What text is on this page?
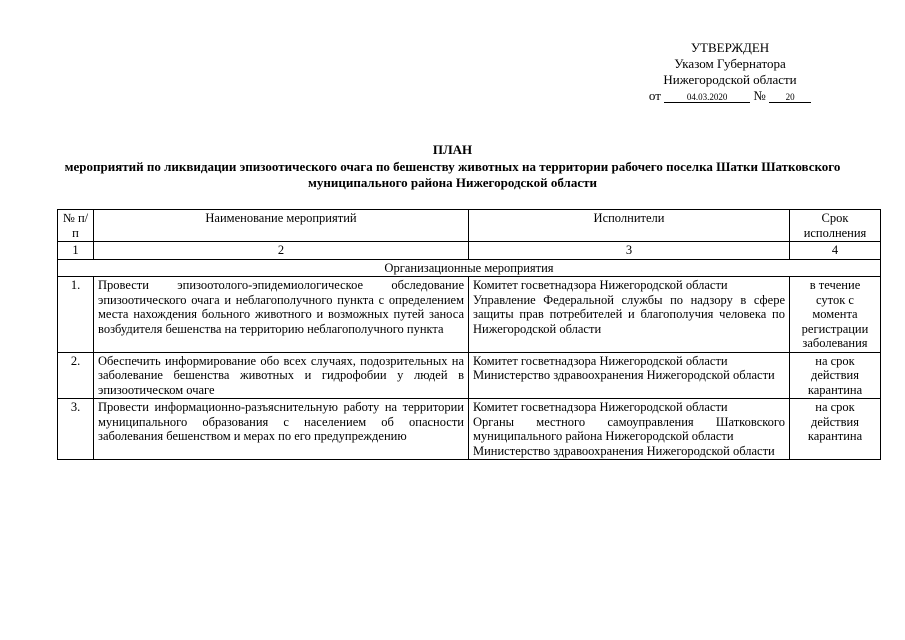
УТВЕРЖДЕН
Указом Губернатора
Нижегородской области
от	04.03.2020 № 20
ПЛАН
мероприятий по ликвидации эпизоотического очага по бешенству животных на территории рабочего поселка Шатки Шатковского муниципального района Нижегородской области
№ п/п	Наименование мероприятий	Исполнители	Срок исполнения
1	2	3	4
Организационные мероприятия			
1.	Провести эпизоотолого-эпидемиологическое обследование эпизоотического очага и неблагополучного пункта с определением места нахождения больного животного и возможных путей заноса возбудителя бешенства на территорию неблагополучного пункта	Комитет госветнадзора Нижегородской области
Управление Федеральной службы по надзору в сфере защиты прав потребителей и благополучия человека по Нижегородской области	в течение суток с момента регистрации заболевания
2.	Обеспечить информирование обо всех случаях, подозрительных на заболевание бешенства животных и гидрофобии у людей в эпизоотическом очаге	Комитет госветнадзора Нижегородской области
Министерство здравоохранения Нижегородской области	на срок действия карантина
3.	Провести информационно-разъяснительную работу на территории муниципального образования с населением об опасности заболевания бешенством и мерах по его предупреждению	Комитет госветнадзора Нижегородской области
Органы местного самоуправления Шатковского муниципального района Нижегородской области
Министерство здравоохранения Нижегородской области	на срок действия карантина
